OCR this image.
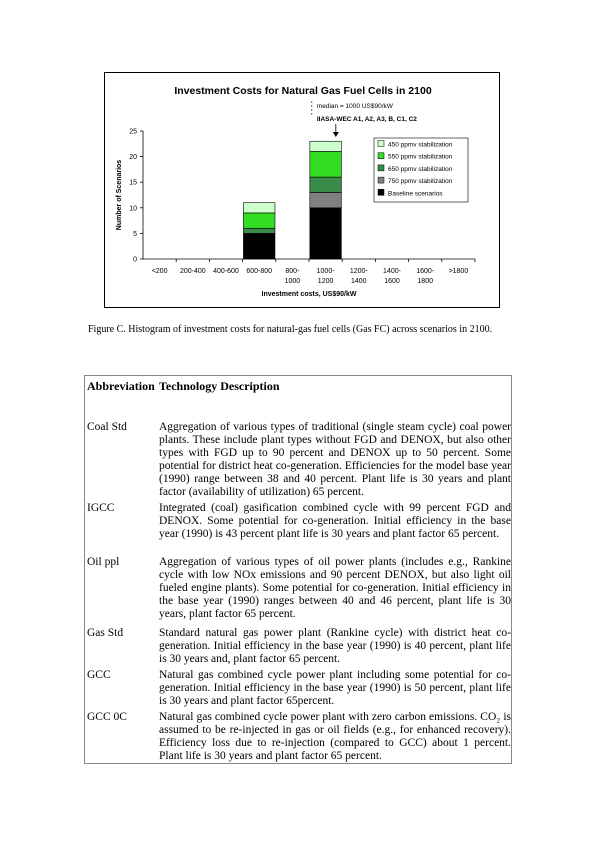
Investment Costs for Natural Gas Fuel Cells in 2100
0
5
10
15
20
25
Number of Scenarios
<200 200-400 400-600 600-800 800-
1000
1000-
1200
1200-
1400
1400-
1600
1600-
1800
>1800
Investment costs, US$90/kW
median = 1000 US$90/kW
IIASA-WEC A1, A2, A3, B, C1, C2
450 ppmv stabilization
550 ppmv stabilization
650 ppmv stabilization
750 ppmv stabilization
Baseline scenarios
Figure C. Histogram of investment costs for natural-gas fuel cells (Gas FC) across scenarios in 2100.
Abbreviation Technology Description
Coal Std	Aggregation of various types of traditional (single steam cycle) coal power plants. These include plant types without FGD and DENOX, but also other types with FGD up to 90 percent and DENOX up to 50 percent. Some potential for district heat co-generation. Efficiencies for the model base year (1990) range between 38 and 40 percent. Plant life is 30 years and plant factor (availability of utilization) 65 percent.
IGCC	Integrated (coal) gasification combined cycle with 99 percent FGD and DENOX. Some potential for co-generation. Initial efficiency in the base year (1990) is 43 percent plant life is 30 years and plant factor 65 percent.
Oil ppl	Aggregation of various types of oil power plants (includes e.g., Rankine cycle with low NOx emissions and 90 percent DENOX, but also light oil fueled engine plants). Some potential for co-generation. Initial efficiency in the base year (1990) ranges between 40 and 46 percent, plant life is 30 years, plant factor 65 percent.
Gas Std	Standard natural gas power plant (Rankine cycle) with district heat co-generation. Initial efficiency in the base year (1990) is 40 percent, plant life is 30 years and, plant factor 65 percent.
GCC	Natural gas combined cycle power plant including some potential for co-generation. Initial efficiency in the base year (1990) is 50 percent, plant life is 30 years and plant factor 65percent.
GCC 0C	Natural gas combined cycle power plant with zero carbon emissions. CO₂ is assumed to be re-injected in gas or oil fields (e.g., for enhanced recovery). Efficiency loss due to re-injection (compared to GCC) about 1 percent. Plant life is 30 years and plant factor 65 percent.
